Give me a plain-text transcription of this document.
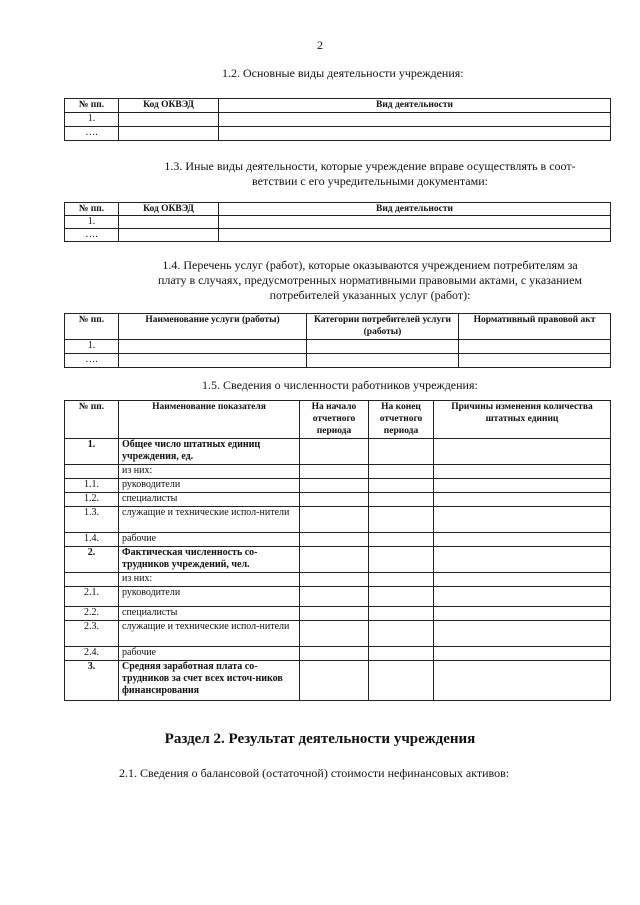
2
1.2. Основные виды деятельности учреждения:
№ пп.	Код ОКВЭД	Вид деятельности
1.		
….		
1.3. Иные виды деятельности, которые учреждение вправе осуществлять в соот-
ветствии с его учредительными документами:
№ пп.	Код ОКВЭД	Вид деятельности
1.		
….		
1.4. Перечень услуг (работ), которые оказываются учреждением потребителям за
плату в случаях, предусмотренных нормативными правовыми актами, с указанием
потребителей указанных услуг (работ):
№ пп.	Наименование услуги (работы)	Категории потребителей услуги (работы)	Нормативный правовой акт
1.			
….			
1.5. Сведения о численности работников учреждения:
№ пп.	Наименование показателя	На начало отчетного периода	На конец отчетного периода	Причины изменения количества штатных единиц
1.	Общее число штатных единиц учреждения, ед.			
	из них:			
1.1.	руководители			
1.2.	специалисты			
1.3.	служащие и технические испол-нители			
1.4.	рабочие			
2.	Фактическая численность со-трудников учреждений, чел.			
	из них:			
2.1.	руководители			
2.2.	специалисты			
2.3.	служащие и технические испол-нители			
2.4.	рабочие			
3.	Средняя заработная плата со-трудников за счет всех источ-ников финансирования			
Раздел 2. Результат деятельности учреждения
2.1. Сведения о балансовой (остаточной) стоимости нефинансовых активов:
